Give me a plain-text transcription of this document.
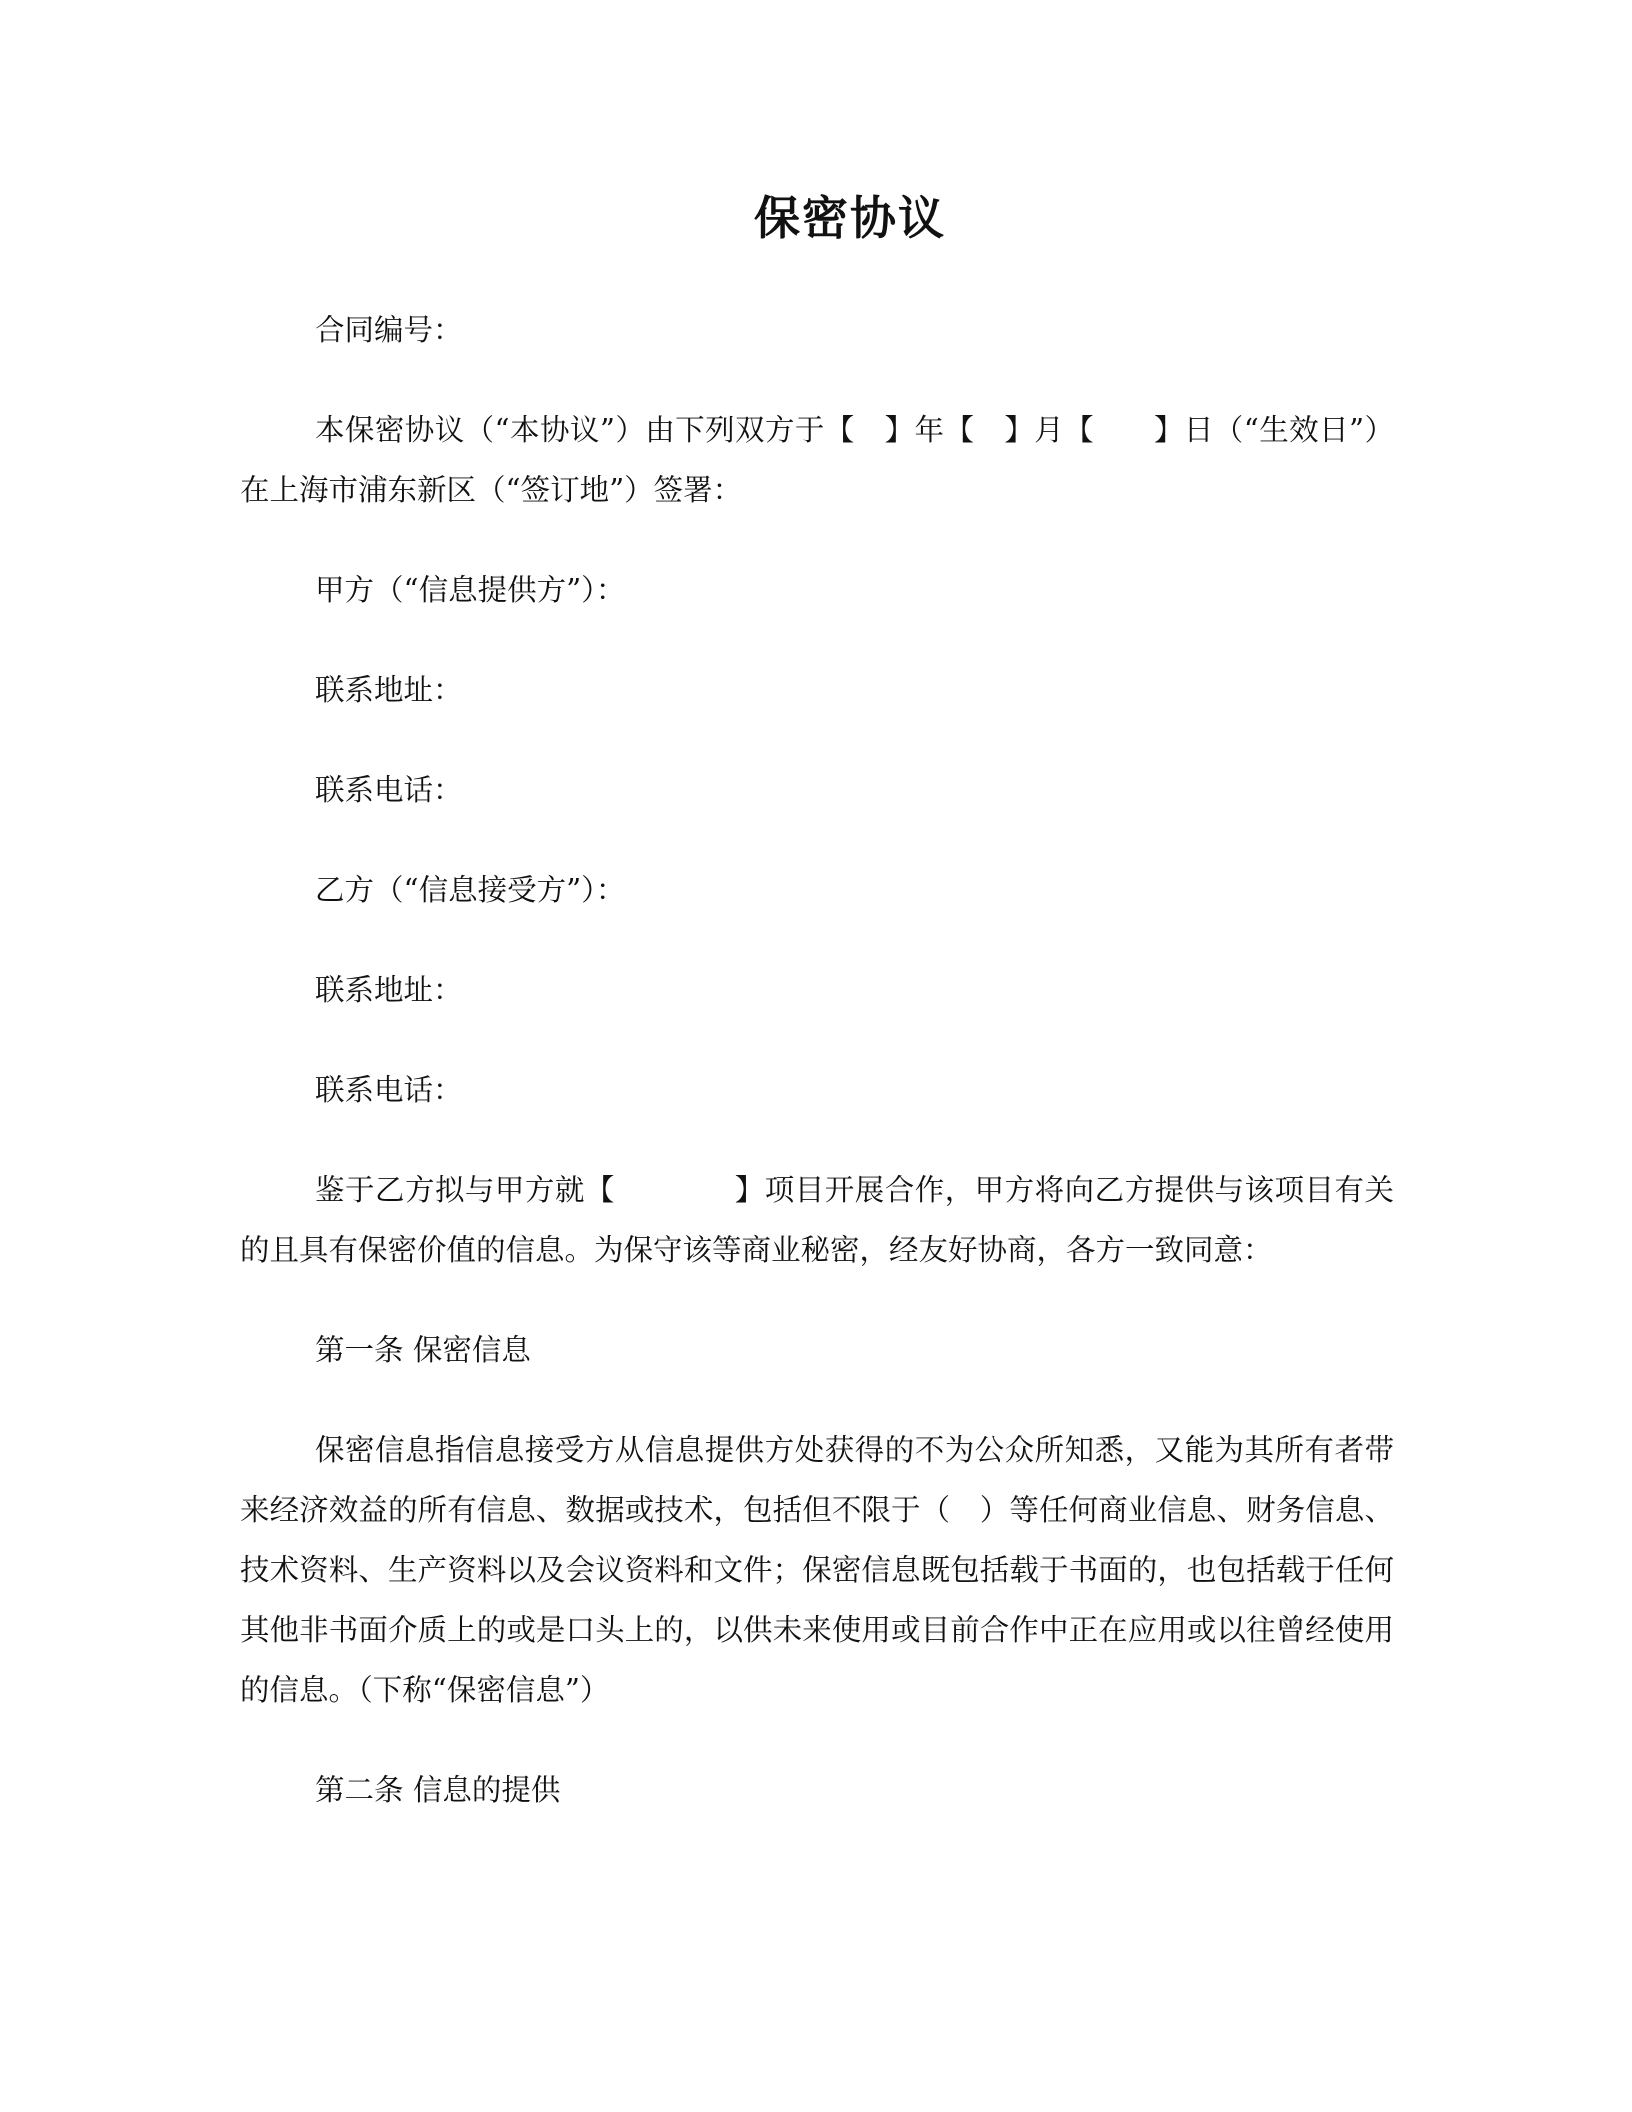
保密协议

合同编号：

本保密协议（“本协议”）由下列双方于【　】年【　】月【　　】日（“生效日”）在上海市浦东新区（“签订地”）签署：

甲方（“信息提供方”）：

联系地址：

联系电话：

乙方（“信息接受方”）：

联系地址：

联系电话：

鉴于乙方拟与甲方就【　　　　】项目开展合作，甲方将向乙方提供与该项目有关的且具有保密价值的信息。为保守该等商业秘密，经友好协商，各方一致同意：

第一条 保密信息

保密信息指信息接受方从信息提供方处获得的不为公众所知悉，又能为其所有者带来经济效益的所有信息、数据或技术，包括但不限于（　）等任何商业信息、财务信息、技术资料、生产资料以及会议资料和文件；保密信息既包括载于书面的，也包括载于任何其他非书面介质上的或是口头上的，以供未来使用或目前合作中正在应用或以往曾经使用的信息。（下称“保密信息”）

第二条 信息的提供
